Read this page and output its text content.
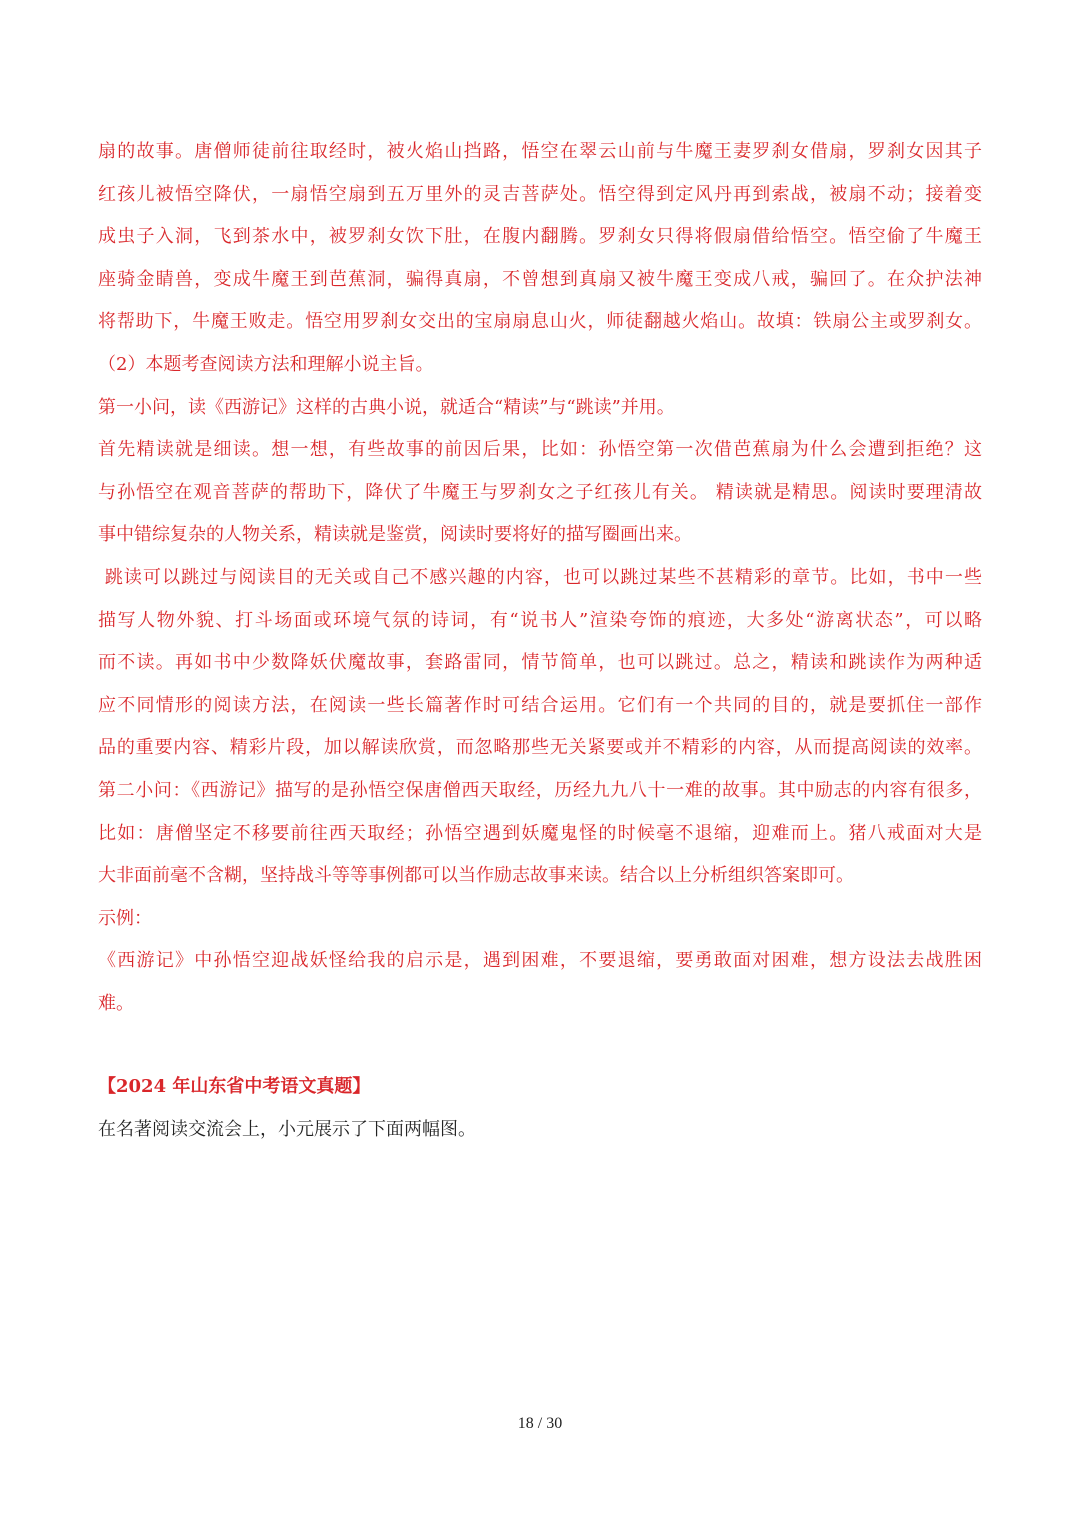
扇的故事。唐僧师徒前往取经时，被火焰山挡路，悟空在翠云山前与牛魔王妻罗刹女借扇，罗刹女因其子
红孩儿被悟空降伏，一扇悟空扇到五万里外的灵吉菩萨处。悟空得到定风丹再到索战，被扇不动；接着变
成虫子入洞，飞到茶水中，被罗刹女饮下肚，在腹内翻腾。罗刹女只得将假扇借给悟空。悟空偷了牛魔王
座骑金睛兽，变成牛魔王到芭蕉洞，骗得真扇，不曾想到真扇又被牛魔王变成八戒，骗回了。在众护法神
将帮助下，牛魔王败走。悟空用罗刹女交出的宝扇扇息山火，师徒翻越火焰山。故填：铁扇公主或罗刹女。
（2）本题考查阅读方法和理解小说主旨。
第一小问，读《西游记》这样的古典小说，就适合“精读”与“跳读”并用。
首先精读就是细读。想一想，有些故事的前因后果，比如：孙悟空第一次借芭蕉扇为什么会遭到拒绝？这
与孙悟空在观音菩萨的帮助下，降伏了牛魔王与罗刹女之子红孩儿有关。 精读就是精思。阅读时要理清故
事中错综复杂的人物关系，精读就是鉴赏，阅读时要将好的描写圈画出来。
跳读可以跳过与阅读目的无关或自己不感兴趣的内容，也可以跳过某些不甚精彩的章节。比如，书中一些
描写人物外貌、打斗场面或环境气氛的诗词，有“说书人”渲染夸饰的痕迹，大多处“游离状态”，可以略
而不读。再如书中少数降妖伏魔故事，套路雷同，情节简单，也可以跳过。总之，精读和跳读作为两种适
应不同情形的阅读方法，在阅读一些长篇著作时可结合运用。它们有一个共同的目的，就是要抓住一部作
品的重要内容、精彩片段，加以解读欣赏，而忽略那些无关紧要或并不精彩的内容，从而提高阅读的效率。
第二小问：《西游记》描写的是孙悟空保唐僧西天取经，历经九九八十一难的故事。其中励志的内容有很多，
比如：唐僧坚定不移要前往西天取经；孙悟空遇到妖魔鬼怪的时候毫不退缩，迎难而上。猪八戒面对大是
大非面前毫不含糊，坚持战斗等等事例都可以当作励志故事来读。结合以上分析组织答案即可。
示例：
《西游记》中孙悟空迎战妖怪给我的启示是，遇到困难，不要退缩，要勇敢面对困难，想方设法去战胜困
难。
【2024 年山东省中考语文真题】
在名著阅读交流会上，小元展示了下面两幅图。
18 / 30
